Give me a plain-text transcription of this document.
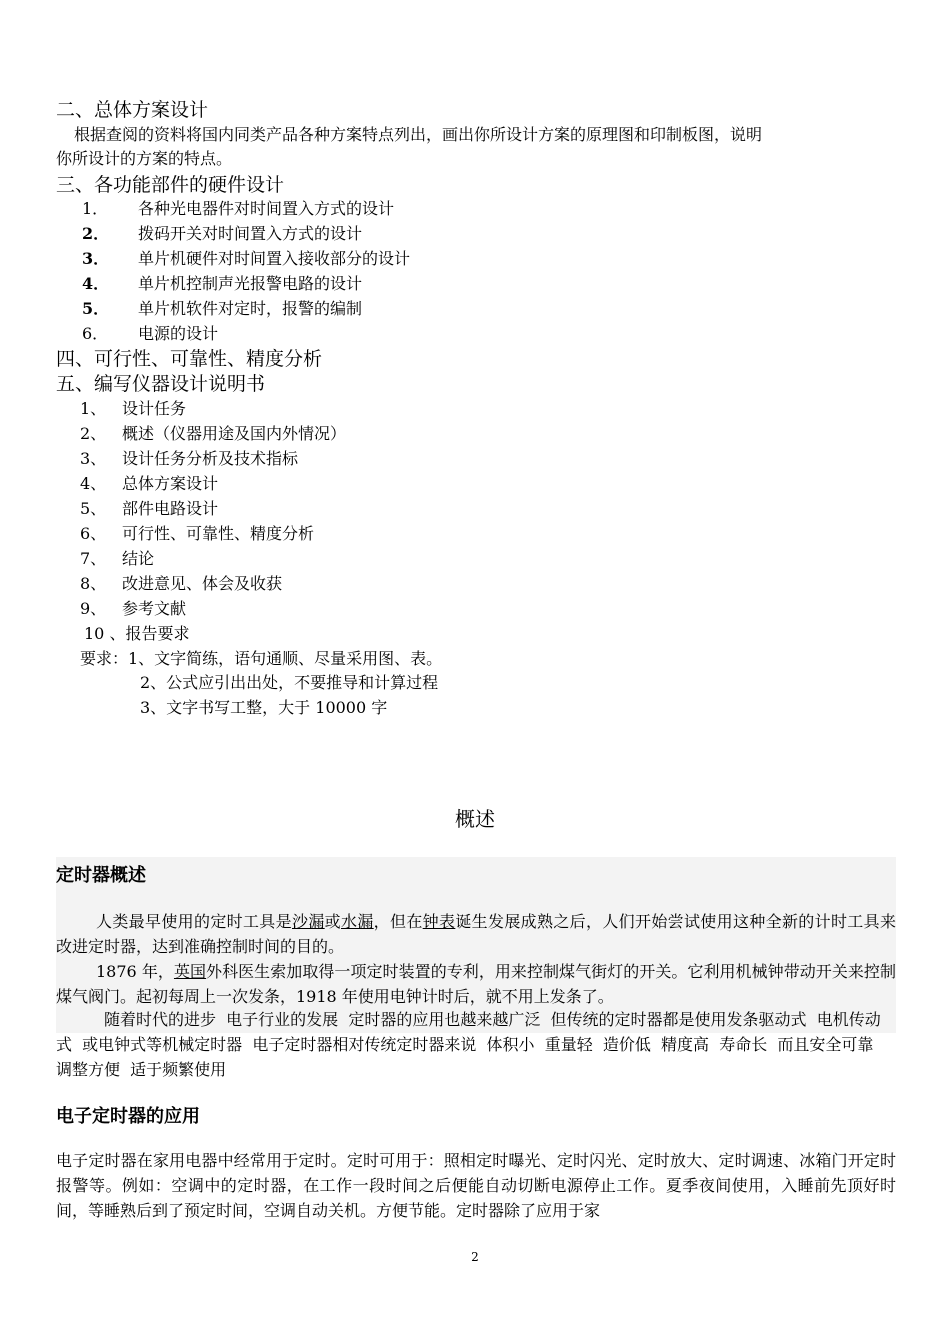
二、总体方案设计
根据查阅的资料将国内同类产品各种方案特点列出，画出你所设计方案的原理图和印制板图，说明
你所设计的方案的特点。
三、各功能部件的硬件设计
1． 各种光电器件对时间置入方式的设计
2． 拨码开关对时间置入方式的设计
3． 单片机硬件对时间置入接收部分的设计
4． 单片机控制声光报警电路的设计
5． 单片机软件对定时，报警的编制
6． 电源的设计
四、可行性、可靠性、精度分析
五、编写仪器设计说明书
1、 设计任务
2、 概述（仪器用途及国内外情况）
3、 设计任务分析及技术指标
4、 总体方案设计
5、 部件电路设计
6、 可行性、可靠性、精度分析
7、 结论
8、 改进意见、体会及收获
9、 参考文献
10 、报告要求
要求：1、文字简练，语句通顺、尽量采用图、表。
2、公式应引出出处，不要推导和计算过程
3、文字书写工整，大于 10000 字
概述
定时器概述
人类最早使用的定时工具是沙漏或水漏，但在钟表诞生发展成熟之后，人们开始尝试使用这种全新的计时工具来改进定时器，达到准确控制时间的目的。
1876 年，英国外科医生索加取得一项定时装置的专利，用来控制煤气街灯的开关。它利用机械钟带动开关来控制煤气阀门。起初每周上一次发条，1918 年使用电钟计时后，就不用上发条了。
随着时代的进步  电子行业的发展  定时器的应用也越来越广泛  但传统的定时器都是使用发条驱动式  电机传动式  或电钟式等机械定时器  电子定时器相对传统定时器来说  体积小  重量轻  造价低  精度高  寿命长  而且安全可靠  调整方便  适于频繁使用
电子定时器的应用
电子定时器在家用电器中经常用于定时。定时可用于：照相定时曝光、定时闪光、定时放大、定时调速、冰箱门开定时报警等。例如：空调中的定时器，在工作一段时间之后便能自动切断电源停止工作。夏季夜间使用，入睡前先顶好时间，等睡熟后到了预定时间，空调自动关机。方便节能。定时器除了应用于家
2
